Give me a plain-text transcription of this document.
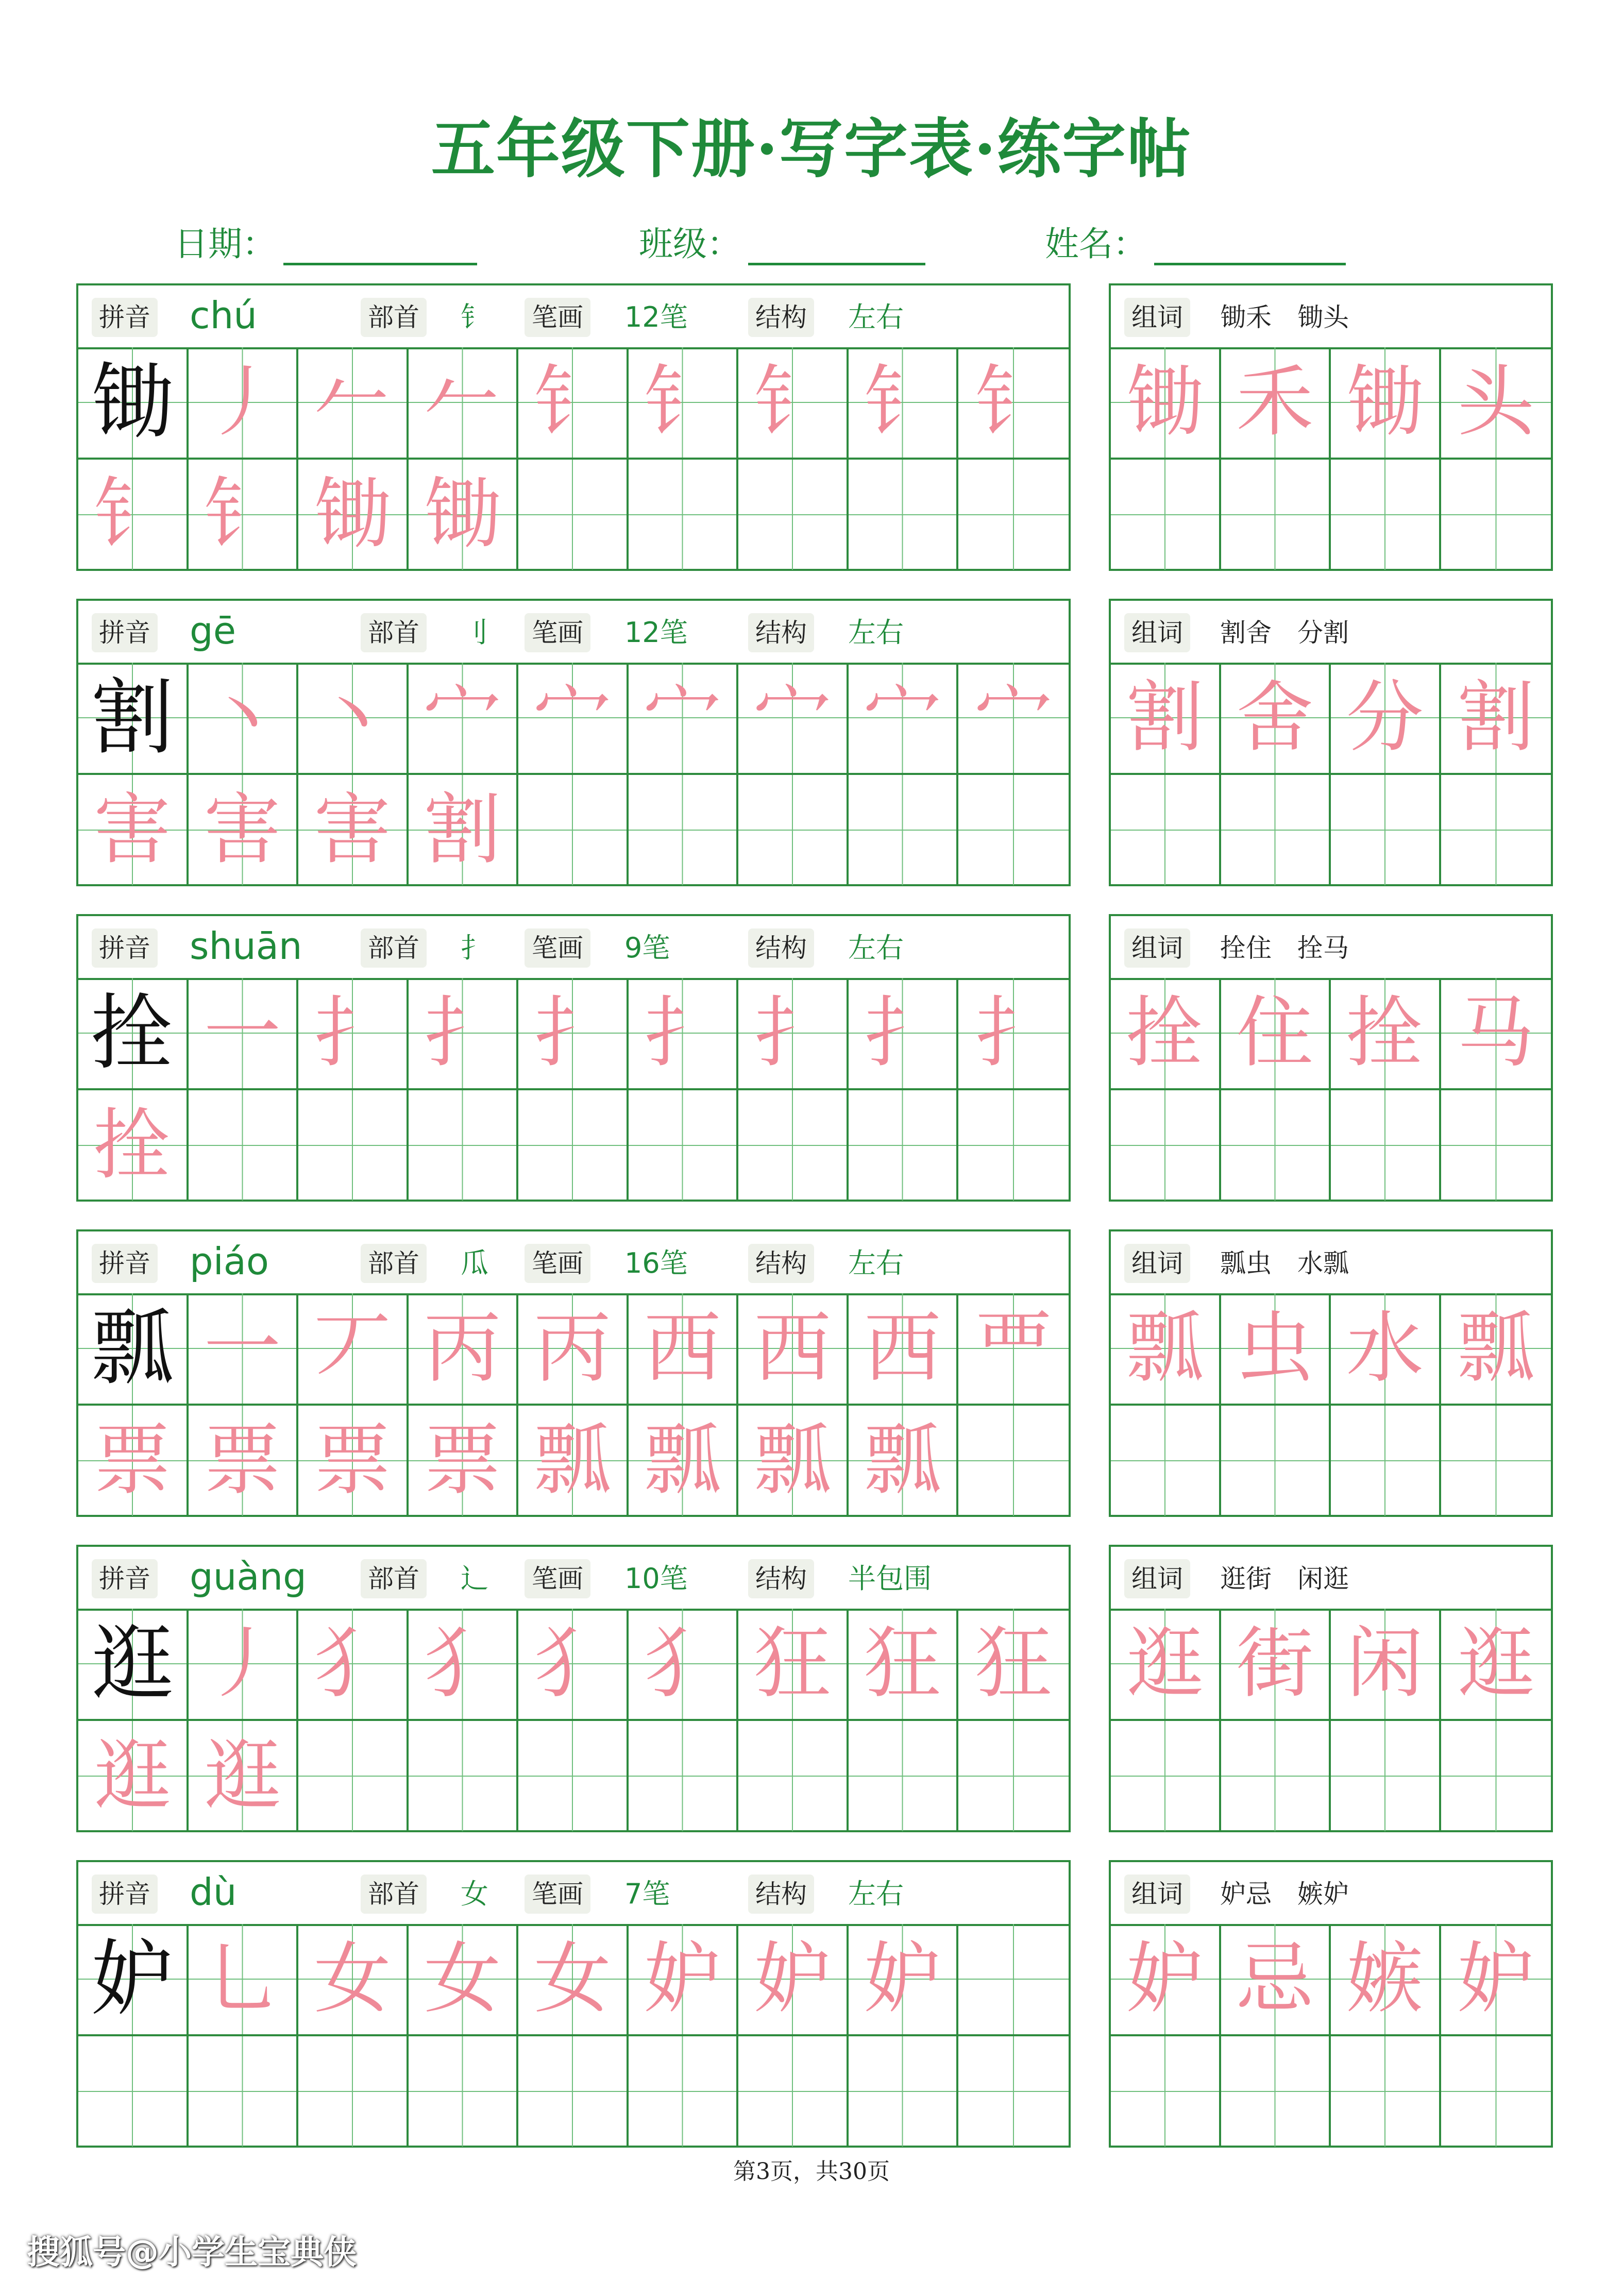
五年级下册·写字表·练字帖
日期：	班级：	姓名：
拼音 chú	部首 钅 笔画 12笔	结构 左右
锄 丿 𠂉 𠂉 钅 钅 钅 钅 钅
钅 钅 锄 锄
组词 锄禾　锄头
锄 禾 锄 头
拼音 gē	部首 刂 笔画 12笔	结构 左右
割 丶 丶 宀 宀 宀 宀 宀 宀
害 害 害 割
组词 割舍　分割
割 舍 分 割
拼音 shuān	部首 扌 笔画 9笔	结构 左右
拴 一 扌 扌 扌 扌 扌 扌 扌
拴
组词 拴住　拴马
拴 住 拴 马
拼音 piáo	部首 瓜 笔画 16笔	结构 左右
瓢 一 丆 丙 丙 西 西 西 覀
票 票 票 票 瓢 瓢 瓢 瓢
组词 瓢虫　水瓢
瓢 虫 水 瓢
拼音 guàng 部首 辶 笔画 10笔	结构 半包围
逛 丿 犭 犭 犭 犭 狂 狂 狂
逛 逛
组词 逛街　闲逛
逛 街 闲 逛
拼音 dù	部首 女 笔画 7笔	结构 左右
妒 乚 女 女 女 妒 妒 妒
组词 妒忌　嫉妒
妒 忌 嫉 妒
第3页，共30页
搜狐号@小学生宝典侠
